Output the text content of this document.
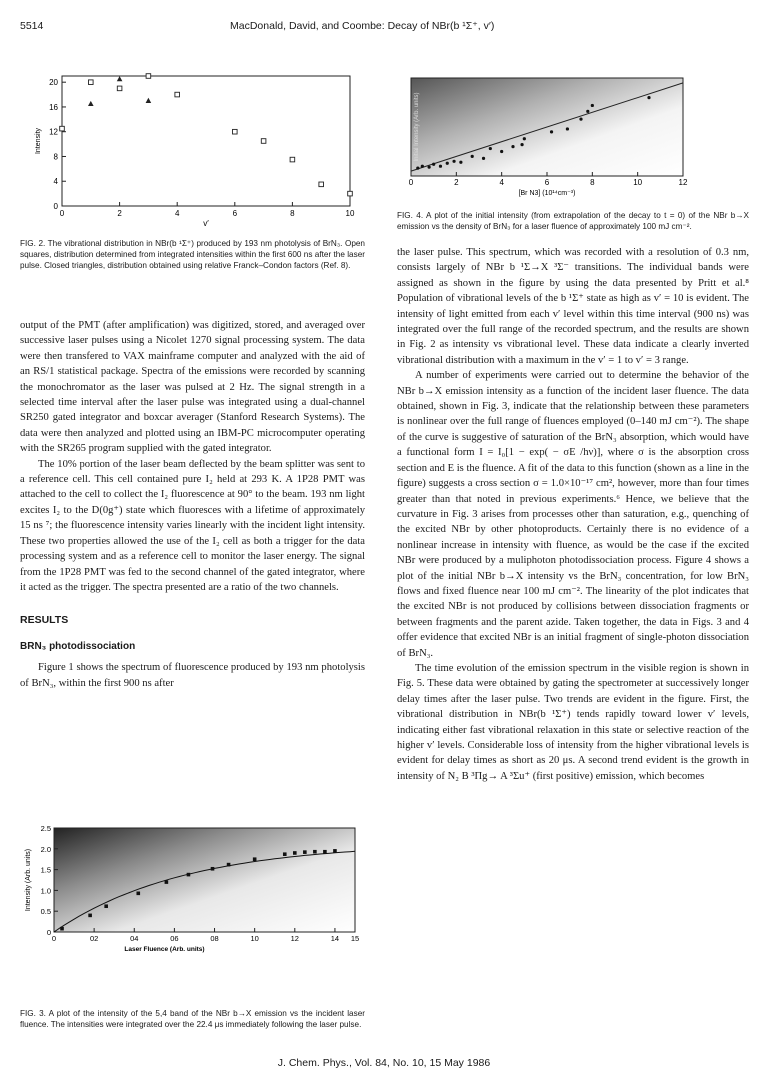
5514	MacDonald, David, and Coombe: Decay of NBr(b ¹Σ⁺, v′)
0	2	4	6	8	10
0
4
8
12
16
20
v′
Intensity
FIG. 2. The vibrational distribution in NBr(b ¹Σ⁺) produced by 193 nm photolysis of BrN₃. Open squares, distribution determined from integrated intensities within the first 600 ns after the laser pulse. Closed triangles, distribution obtained using relative Franck–Condon factors (Ref. 8).
0	2	4	6	8	10	12
[Br N3] (10¹⁴cm⁻³)
Initial Intensity (Arb. units)
FIG. 4. A plot of the initial intensity (from extrapolation of the decay to t = 0) of the NBr b→X emission vs the density of BrN₃ for a laser fluence of approximately 100 mJ cm⁻².

output of the PMT (after amplification) was digitized, stored, and averaged over successive laser pulses using a Nicolet 1270 signal processing system. The data were then transfered to VAX mainframe computer and analyzed with the aid of an RS/1 statistical package. Spectra of the emissions were recorded by scanning the monochromator as the laser was pulsed at 2 Hz. The signal strength in a selected time interval after the laser pulse was integrated using a dual-channel SR250 gated integrator and boxcar averager (Stanford Research Systems). The data were then analyzed and plotted using an IBM-PC microcomputer operating with the SR265 program supplied with the gated integrator.

The 10% portion of the laser beam deflected by the beam splitter was sent to a reference cell. This cell contained pure I₂ held at 293 K. A 1P28 PMT was attached to the cell to collect the I₂ fluorescence at 90° to the beam. 193 nm light excites I₂ to the D(0g⁺) state which fluoresces with a lifetime of approximately 15 ns ⁷; the fluorescence intensity varies linearly with the incident light intensity. These two properties allowed the use of the I₂ cell as both a trigger for the data processing system and as a reference cell to monitor the laser energy. The signal from the 1P28 PMT was fed to the second channel of the gated integrator, where it acted as the trigger. The spectra presented are a ratio of the two channels.

RESULTS
BRN₃ photodissociation

Figure 1 shows the spectrum of fluorescence produced by 193 nm photolysis of BrN₃, within the first 900 ns after

0	02	04	06	08	10	12	14 15
0
0.5
1.0
1.5
2.0
2.5
Laser Fluence (Arb. units)
Intensity (Arb. units)
FIG. 3. A plot of the intensity of the 5,4 band of the NBr b→X emission vs the incident laser fluence. The intensities were integrated over the 22.4 μs immediately following the laser pulse.

the laser pulse. This spectrum, which was recorded with a resolution of 0.3 nm, consists largely of NBr b ¹Σ→X ³Σ⁻ transitions. The individual bands were assigned as shown in the figure by using the data presented by Pritt et al.⁸ Population of vibrational levels of the b ¹Σ⁺ state as high as v′ = 10 is evident. The intensity of light emitted from each v′ level within this time interval (900 ns) was integrated over the full range of the recorded spectrum, and the results are shown in Fig. 2 as intensity vs vibrational level. These data indicate a clearly inverted vibrational distribution with a maximum in the v′ = 1 to v′ = 3 range.

A number of experiments were carried out to determine the behavior of the NBr b→X emission intensity as a function of the incident laser fluence. The data obtained, shown in Fig. 3, indicate that the relationship between these parameters is nonlinear over the full range of fluences employed (0–140 mJ cm⁻²). The shape of the curve is suggestive of saturation of the BrN₃ absorption, which would have a functional form I = I₀[1 − exp( − σE /hν)], where σ is the absorption cross section and E is the fluence. A fit of the data to this function (shown as a line in the figure) suggests a cross section σ = 1.0×10⁻¹⁷ cm², however, more than four times greater than that noted in previous experiments.⁶ Hence, we believe that the curvature in Fig. 3 arises from processes other than saturation, e.g., quenching of the excited NBr by other photoproducts. Certainly there is no evidence of a nonlinear increase in intensity with fluence, as would be the case if the excited NBr were produced by a muliphoton photodissociation process. Figure 4 shows a plot of the initial NBr b→X intensity vs the BrN₃ concentration, for low BrN₃ flows and fixed fluence near 100 mJ cm⁻². The linearity of the plot indicates that the excited NBr is not produced by collisions between dissociation fragments or between fragments and the parent azide. Taken together, the data in Figs. 3 and 4 offer evidence that excited NBr is an initial fragment of single-photon dissociation of BrN₃.

The time evolution of the emission spectrum in the visible region is shown in Fig. 5. These data were obtained by gating the spectrometer at successively longer delay times after the laser pulse. Two trends are evident in the figure. First, the vibrational distribution in NBr(b ¹Σ⁺) tends rapidly toward lower v′ levels, indicating either fast vibrational relaxation in this state or selective reaction of the higher v′ levels. Considerable loss of intensity from the higher vibrational levels is evident for delay times as short as 20 μs. A second trend evident is the growth in intensity of N₂ B ³Πg→ A ³Σu⁺ (first positive) emission, which becomes

J. Chem. Phys., Vol. 84, No. 10, 15 May 1986
